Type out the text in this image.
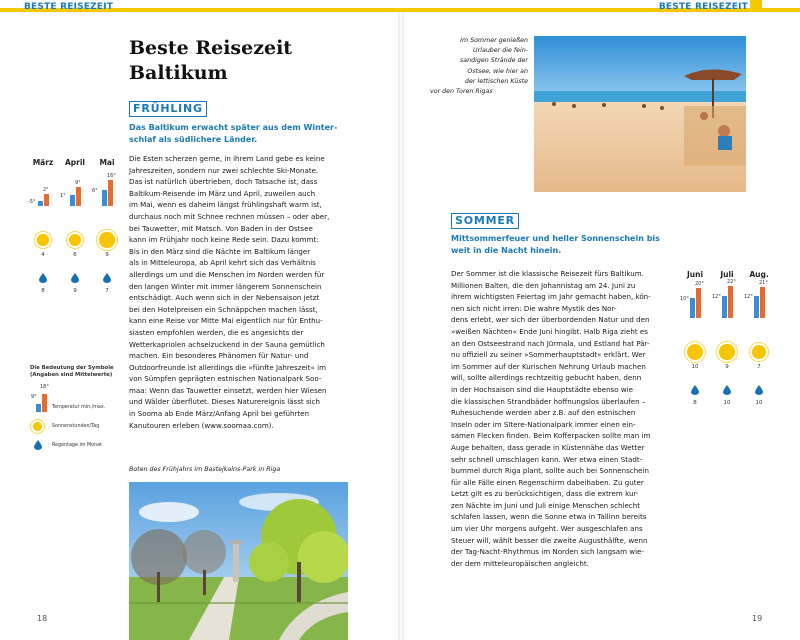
BESTE REISEZEIT	BESTE REISEZEIT
Beste Reisezeit
Baltikum
FRÜHLING
Das Baltikum erwacht später aus dem Winter-
schlaf als südlichere Länder.
Die Esten scherzen gerne, in ihrem Land gebe es keine
Jahreszeiten, sondern nur zwei schlechte Ski-Monate.
Das ist natürlich übertrieben, doch Tatsache ist, dass
Baltikum-Reisende im März und April, zuweilen auch
im Mai, wenn es daheim längst frühlingshaft warm ist,
durchaus noch mit Schnee rechnen müssen – oder aber,
bei Tauwetter, mit Matsch. Von Baden in der Ostsee
kann im Frühjahr noch keine Rede sein. Dazu kommt:
Bis in den März sind die Nächte im Baltikum länger
als in Mitteleuropa, ab April kehrt sich das Verhältnis
allerdings um und die Menschen im Norden werden für
den langen Winter mit immer längerem Sonnenschein
entschädigt. Auch wenn sich in der Nebensaison jetzt
bei den Hotelpreisen ein Schnäppchen machen lässt,
kann eine Reise vor Mitte Mai eigentlich nur für Enthu-
siasten empfohlen werden, die es angesichts der
Wetterkapriolen achselzuckend in der Sauna gemütlich
machen. Ein besonderes Phänomen für Natur- und
Outdoorfreunde ist allerdings die »fünfte Jahreszeit« im
von Sümpfen geprägten estnischen Nationalpark Soo-
maa: Wenn das Tauwetter einsetzt, werden hier Wiesen
und Wälder überflutet. Dieses Naturereignis lässt sich
in Sooma ab Ende März/Anfang April bei geführten
Kanutouren erleben (www.soomaa.com).
Boten des Frühjahrs im Bastejkalns-Park in Riga
März
-5°
2°
4
8
April
1°
9°
6
9
Mai
6°
16°
9
7
Die Bedeutung der Symbole
(Angaben sind Mittelwerte)
9°
18°
Temperatur min./max.
Sonnenstunden/Tag
Regentage im Monat
18
Im Sommer genießen
Urlauber die fein-
sandigen Strände der
Ostsee, wie hier an
der lettischen Küste
vor den Toren Rigas
SOMMER
Mittsommerfeuer und heller Sonnenschein bis
weit in die Nacht hinein.
Der Sommer ist die klassische Reisezeit fürs Baltikum.
Millionen Balten, die den Johannistag am 24. Juni zu
ihrem wichtigsten Feiertag im Jahr gemacht haben, kön-
nen sich nicht irren: Die wahre Mystik des Nor-
dens erlebt, wer sich der überbordenden Natur und den
»weißen Nächten« Ende Juni hingibt. Halb Riga zieht es
an den Ostseestrand nach Jūrmala, und Estland hat Pär-
nu offiziell zu seiner »Sommerhauptstadt« erklärt. Wer
im Sommer auf der Kurischen Nehrung Urlaub machen
will, sollte allerdings rechtzeitig gebucht haben, denn
in der Hochsaison sind die Hauptstädte ebenso wie
die klassischen Strandbäder hoffnungslos überlaufen –
Ruhesuchende werden aber z.B. auf den estnischen
Inseln oder im Sītere-Nationalpark immer einen ein-
samen Flecken finden. Beim Kofferpacken sollte man im
Auge behalten, dass gerade in Küstennähe das Wetter
sehr schnell umschlagen kann. Wer etwa einen Stadt-
bummel durch Riga plant, sollte auch bei Sonnenschein
für alle Fälle einen Regenschirm dabeihaben. Zu guter
Letzt gilt es zu berücksichtigen, dass die extrem kur-
zen Nächte im Juni und Juli einige Menschen schlecht
schlafen lassen, wenn die Sonne etwa in Tallinn bereits
um vier Uhr morgens aufgeht. Wer ausgeschlafen ans
Steuer will, wählt besser die zweite Augusthälfte, wenn
der Tag-Nacht-Rhythmus im Norden sich langsam wie-
der dem mitteleuropäischen angleicht.
Juni
10°
20°
10
8
Juli
12°
22°
9
10
Aug.
12°
21°
7
10
19
